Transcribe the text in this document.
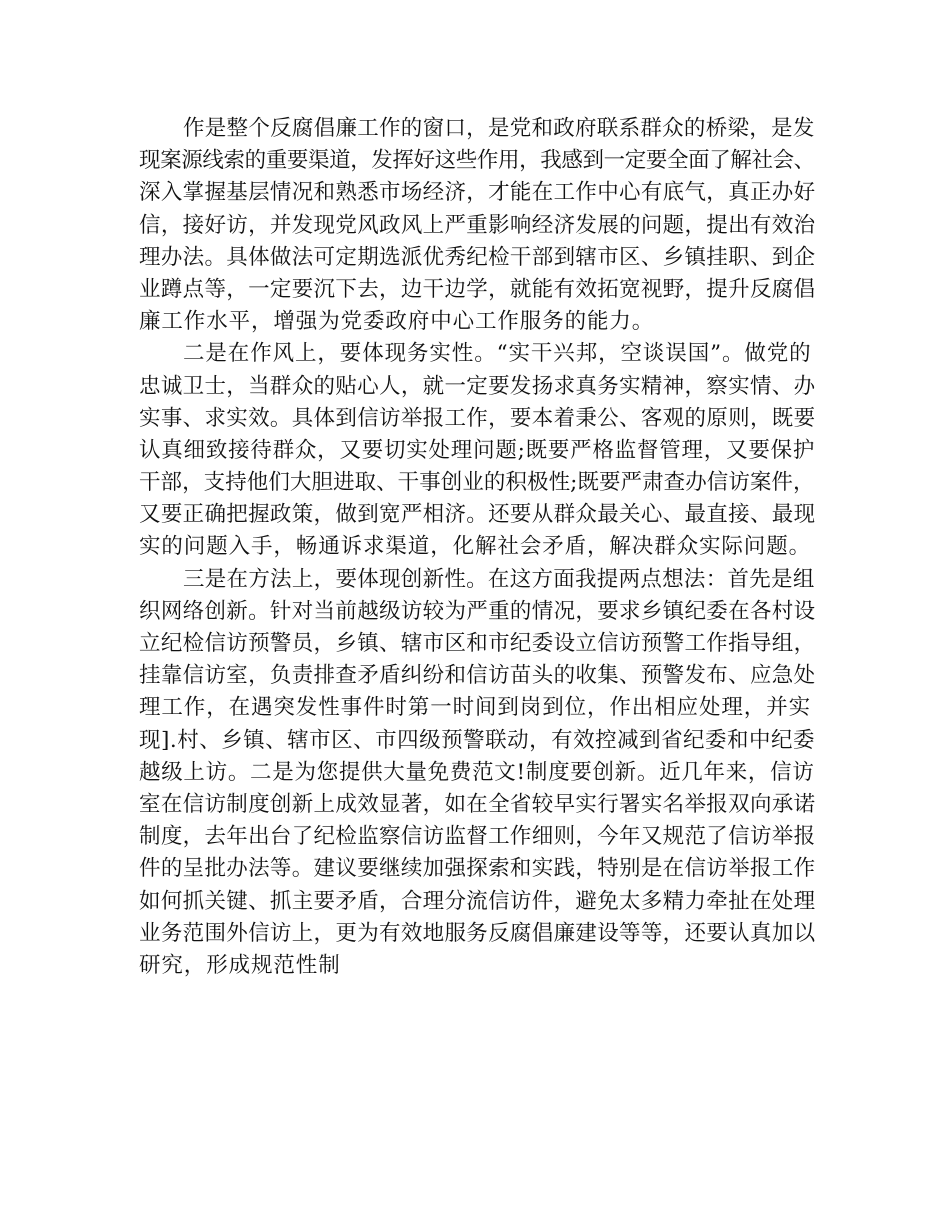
作是整个反腐倡廉工作的窗口，是党和政府联系群众的桥梁，是发
现案源线索的重要渠道，发挥好这些作用，我感到一定要全面了解社会、
深入掌握基层情况和熟悉市场经济，才能在工作中心有底气，真正办好
信，接好访，并发现党风政风上严重影响经济发展的问题，提出有效治
理办法。具体做法可定期选派优秀纪检干部到辖市区、乡镇挂职、到企
业蹲点等，一定要沉下去，边干边学，就能有效拓宽视野，提升反腐倡
廉工作水平，增强为党委政府中心工作服务的能力。
二是在作风上，要体现务实性。“实干兴邦，空谈误国”。做党的
忠诚卫士，当群众的贴心人，就一定要发扬求真务实精神，察实情、办
实事、求实效。具体到信访举报工作，要本着秉公、客观的原则，既要
认真细致接待群众，又要切实处理问题;既要严格监督管理，又要保护
干部，支持他们大胆进取、干事创业的积极性;既要严肃查办信访案件，
又要正确把握政策，做到宽严相济。还要从群众最关心、最直接、最现
实的问题入手，畅通诉求渠道，化解社会矛盾，解决群众实际问题。
三是在方法上，要体现创新性。在这方面我提两点想法：首先是组
织网络创新。针对当前越级访较为严重的情况，要求乡镇纪委在各村设
立纪检信访预警员，乡镇、辖市区和市纪委设立信访预警工作指导组，
挂靠信访室，负责排查矛盾纠纷和信访苗头的收集、预警发布、应急处
理工作，在遇突发性事件时第一时间到岗到位，作出相应处理，并实
现].村、乡镇、辖市区、市四级预警联动，有效控减到省纪委和中纪委
越级上访。二是为您提供大量免费范文!制度要创新。近几年来，信访
室在信访制度创新上成效显著，如在全省较早实行署实名举报双向承诺
制度，去年出台了纪检监察信访监督工作细则，今年又规范了信访举报
件的呈批办法等。建议要继续加强探索和实践，特别是在信访举报工作
如何抓关键、抓主要矛盾，合理分流信访件，避免太多精力牵扯在处理
业务范围外信访上，更为有效地服务反腐倡廉建设等等，还要认真加以
研究，形成规范性制
